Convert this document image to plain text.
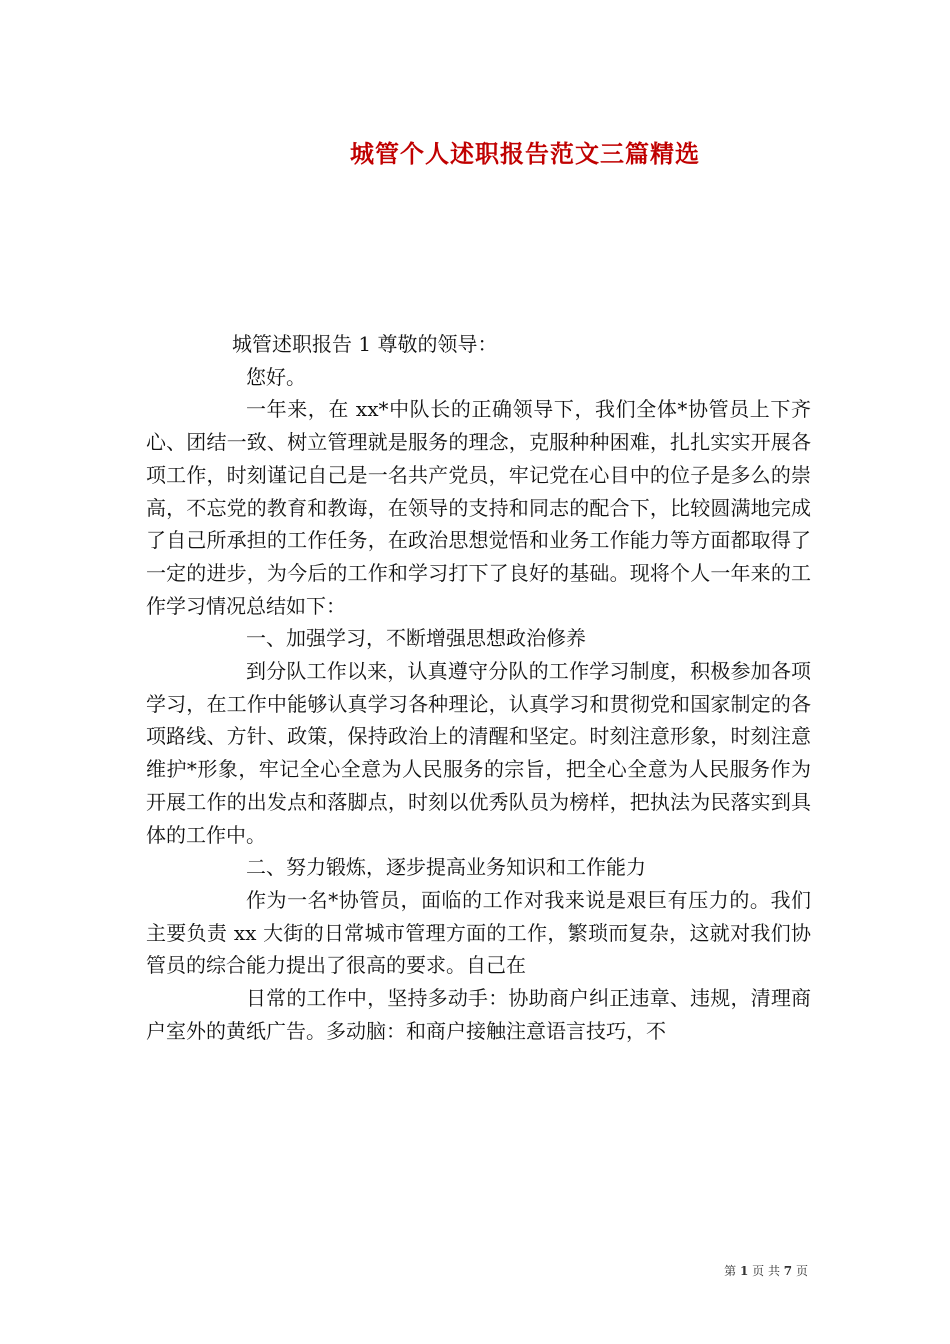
城管个人述职报告范文三篇精选

城管述职报告 1 尊敬的领导：

您好。

一年来，在 xx*中队长的正确领导下，我们全体*协管员上下齐心、团结一致、树立管理就是服务的理念，克服种种困难，扎扎实实开展各项工作，时刻谨记自己是一名共产党员，牢记党在心目中的位子是多么的崇高，不忘党的教育和教诲，在领导的支持和同志的配合下，比较圆满地完成了自己所承担的工作任务，在政治思想觉悟和业务工作能力等方面都取得了一定的进步，为今后的工作和学习打下了良好的基础。现将个人一年来的工作学习情况总结如下：

一、加强学习，不断增强思想政治修养

到分队工作以来，认真遵守分队的工作学习制度，积极参加各项学习，在工作中能够认真学习各种理论，认真学习和贯彻党和国家制定的各项路线、方针、政策，保持政治上的清醒和坚定。时刻注意形象，时刻注意维护*形象，牢记全心全意为人民服务的宗旨，把全心全意为人民服务作为开展工作的出发点和落脚点，时刻以优秀队员为榜样，把执法为民落实到具体的工作中。

二、努力锻炼，逐步提高业务知识和工作能力

作为一名*协管员，面临的工作对我来说是艰巨有压力的。我们主要负责 xx 大街的日常城市管理方面的工作，繁琐而复杂，这就对我们协管员的综合能力提出了很高的要求。自己在

日常的工作中，坚持多动手：协助商户纠正违章、违规，清理商户室外的黄纸广告。多动脑：和商户接触注意语言技巧，不

第 1 页 共 7 页
